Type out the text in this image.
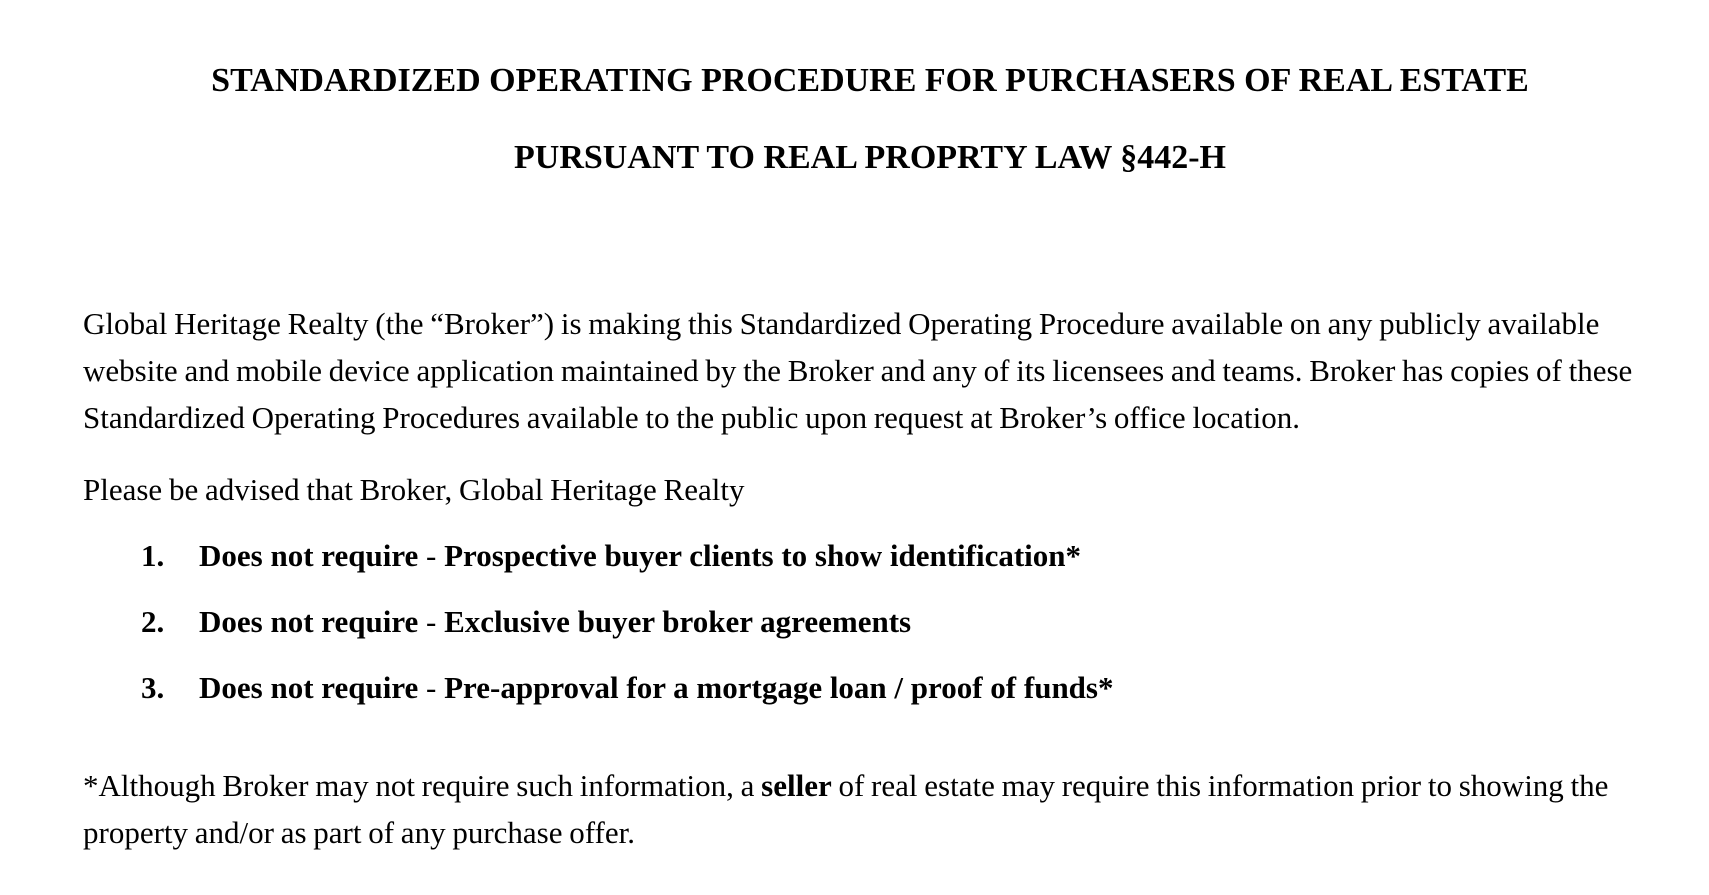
STANDARDIZED OPERATING PROCEDURE FOR PURCHASERS OF REAL ESTATE
PURSUANT TO REAL PROPRTY LAW §442-H
Global Heritage Realty (the “Broker”) is making this Standardized Operating Procedure available on any publicly available website and mobile device application maintained by the Broker and any of its licensees and teams. Broker has copies of these Standardized Operating Procedures available to the public upon request at Broker’s office location.
Please be advised that Broker, Global Heritage Realty
1. Does not require - Prospective buyer clients to show identification*
2. Does not require - Exclusive buyer broker agreements
3. Does not require - Pre-approval for a mortgage loan / proof of funds*
*Although Broker may not require such information, a seller of real estate may require this information prior to showing the property and/or as part of any purchase offer.
